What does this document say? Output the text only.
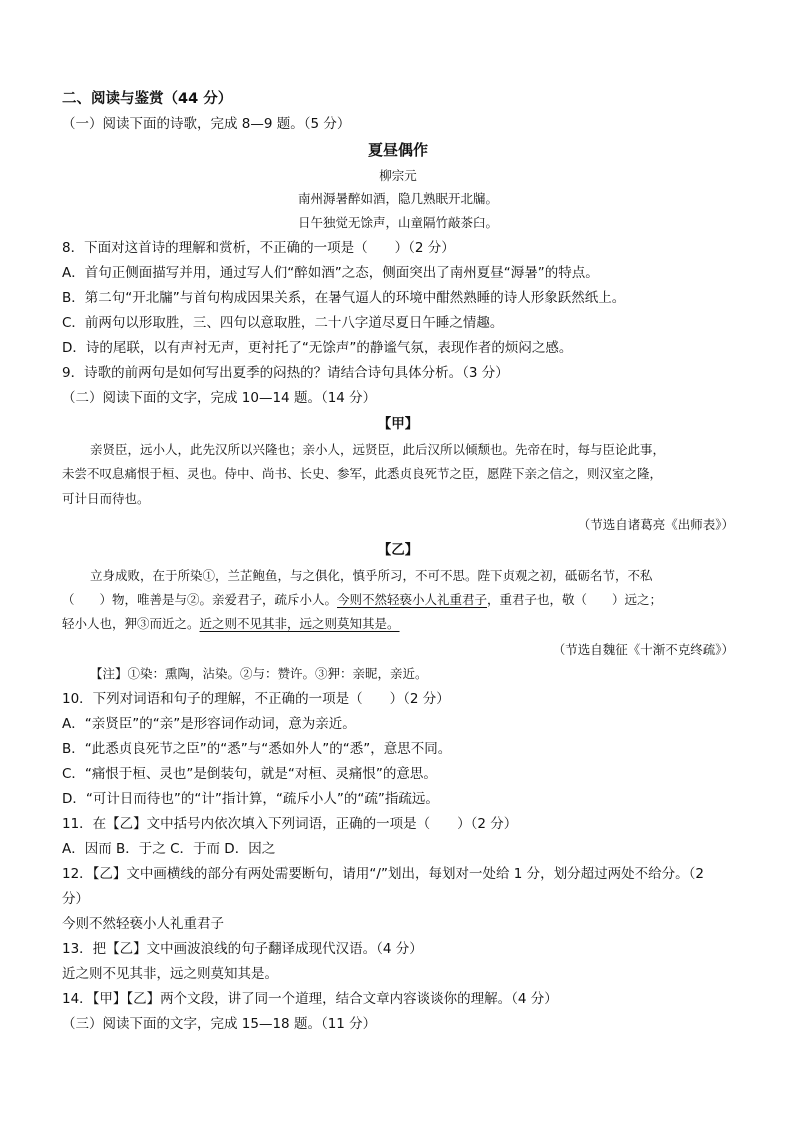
二、阅读与鉴赏（44 分）
（一）阅读下面的诗歌，完成 8—9 题。（5 分）
夏昼偶作
柳宗元
南州溽暑醉如酒，隐几熟眠开北牖。
日午独觉无馀声，山童隔竹敲茶臼。
8．下面对这首诗的理解和赏析，不正确的一项是（　　）（2 分）
A．首句正侧面描写并用，通过写人们“醉如酒”之态，侧面突出了南州夏昼“溽暑”的特点。
B．第二句“开北牖”与首句构成因果关系，在暑气逼人的环境中酣然熟睡的诗人形象跃然纸上。
C．前两句以形取胜，三、四句以意取胜，二十八字道尽夏日午睡之情趣。
D．诗的尾联，以有声衬无声，更衬托了“无馀声”的静谧气氛，表现作者的烦闷之感。
9．诗歌的前两句是如何写出夏季的闷热的？请结合诗句具体分析。（3 分）
（二）阅读下面的文字，完成 10—14 题。（14 分）
【甲】
亲贤臣，远小人，此先汉所以兴隆也；亲小人，远贤臣，此后汉所以倾颓也。先帝在时，每与臣论此事，
未尝不叹息痛恨于桓、灵也。侍中、尚书、长史、参军，此悉贞良死节之臣，愿陛下亲之信之，则汉室之隆，
可计日而待也。
（节选自诸葛亮《出师表》）
【乙】
立身成败，在于所染①，兰芷鲍鱼，与之俱化，慎乎所习，不可不思。陛下贞观之初，砥砺名节，不私
（　　）物，唯善是与②。亲爱君子，疏斥小人。今则不然轻亵小人礼重君子，重君子也，敬（　　）远之；
轻小人也，狎③而近之。近之则不见其非，远之则莫知其是。
（节选自魏征《十渐不克终疏》）
【注】①染：熏陶，沾染。②与：赞许。③狎：亲昵，亲近。
10．下列对词语和句子的理解，不正确的一项是（　　）（2 分）
A．“亲贤臣”的“亲”是形容词作动词，意为亲近。
B．“此悉贞良死节之臣”的“悉”与“悉如外人”的“悉”，意思不同。
C．“痛恨于桓、灵也”是倒装句，就是“对桓、灵痛恨”的意思。
D．“可计日而待也”的“计”指计算，“疏斥小人”的“疏”指疏远。
11．在【乙】文中括号内依次填入下列词语，正确的一项是（　　）（2 分）
A．因而 B．于之 C．于而 D．因之
12．【乙】文中画横线的部分有两处需要断句，请用“/”划出，每划对一处给 1 分，划分超过两处不给分。（2
分）
今则不然轻亵小人礼重君子
13．把【乙】文中画波浪线的句子翻译成现代汉语。（4 分）
近之则不见其非，远之则莫知其是。
14．【甲】【乙】两个文段，讲了同一个道理，结合文章内容谈谈你的理解。（4 分）
（三）阅读下面的文字，完成 15—18 题。（11 分）
